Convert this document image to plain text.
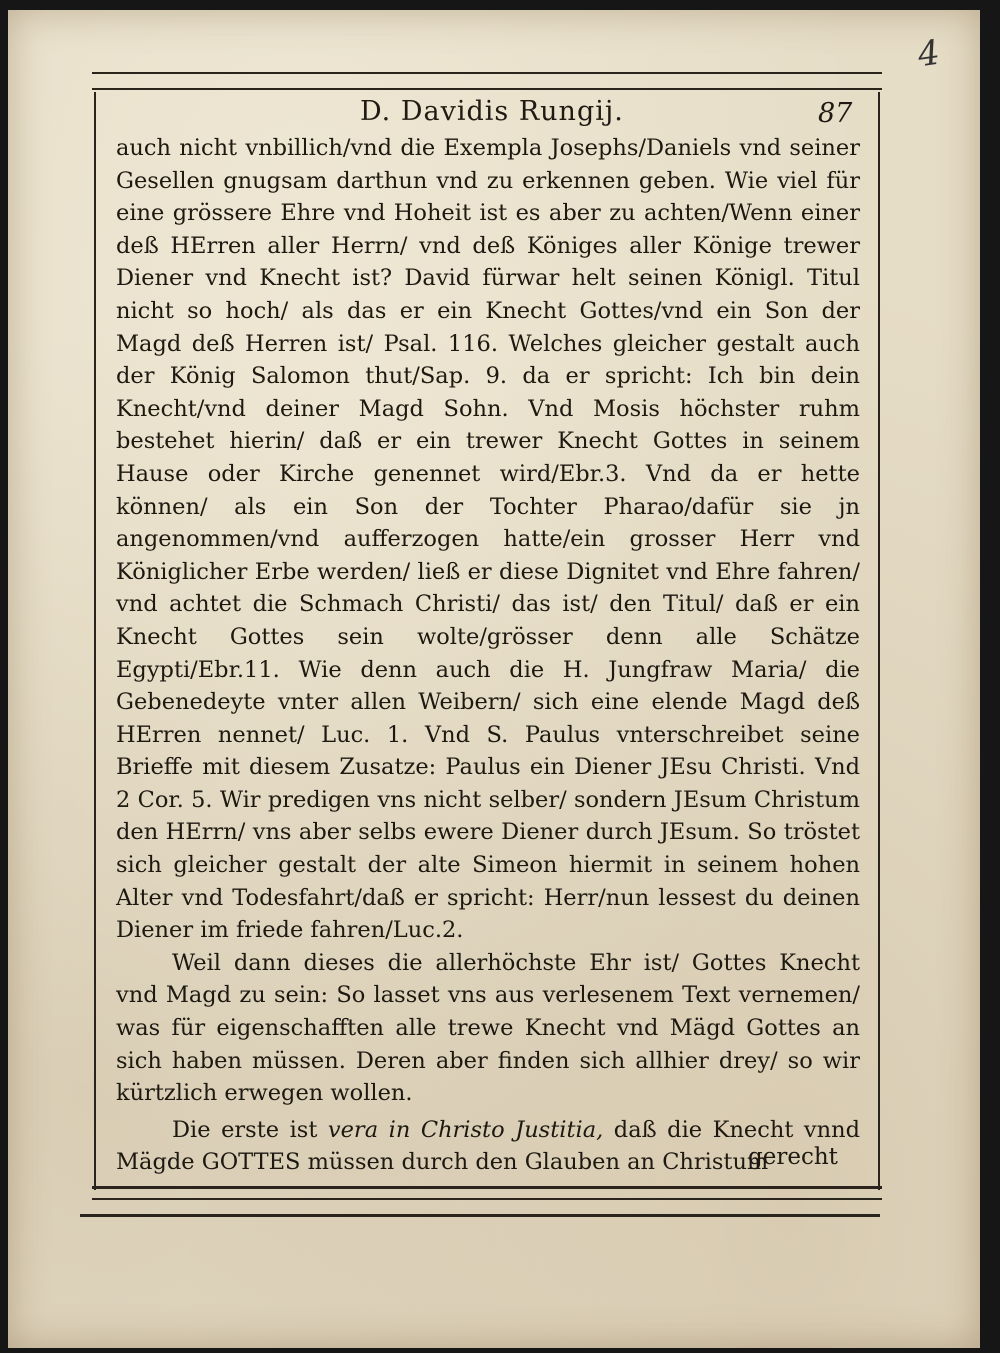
4
D. Davidis Rungij.	87

auch nicht vnbillich/vnd die Exempla Josephs/Daniels vnd seiner Gesellen gnugsam darthun vnd zu erkennen geben. Wie viel für eine grössere Ehre vnd Hoheit ist es aber zu achten/Wenn einer deß HErren aller Herrn/ vnd deß Königes aller Könige trewer Diener vnd Knecht ist? David fürwar helt seinen Königl. Titul nicht so hoch/ als das er ein Knecht Gottes/vnd ein Son der Magd deß Herren ist/ Psal. 116. Welches gleicher gestalt auch der König Salomon thut/Sap. 9. da er spricht: Ich bin dein Knecht/vnd deiner Magd Sohn. Vnd Mosis höchster ruhm bestehet hierin/ daß er ein trewer Knecht Gottes in seinem Hause oder Kirche genennet wird/Ebr.3. Vnd da er hette können/ als ein Son der Tochter Pharao/dafür sie jn angenommen/vnd aufferzogen hatte/ein grosser Herr vnd Königlicher Erbe werden/ ließ er diese Dignitet vnd Ehre fahren/ vnd achtet die Schmach Christi/ das ist/ den Titul/ daß er ein Knecht Gottes sein wolte/grösser denn alle Schätze Egypti/Ebr.11. Wie denn auch die H. Jungfraw Maria/ die Gebenedeyte vnter allen Weibern/ sich eine elende Magd deß HErren nennet/ Luc. 1. Vnd S. Paulus vnterschreibet seine Brieffe mit diesem Zusatze: Paulus ein Diener JEsu Christi. Vnd 2 Cor. 5. Wir predigen vns nicht selber/ sondern JEsum Christum den HErrn/ vns aber selbs ewere Diener durch JEsum. So tröstet sich gleicher gestalt der alte Simeon hiermit in seinem hohen Alter vnd Todesfahrt/daß er spricht: Herr/nun lessest du deinen Diener im friede fahren/Luc.2.

Weil dann dieses die allerhöchste Ehr ist/ Gottes Knecht vnd Magd zu sein: So lasset vns aus verlesenem Text vernemen/ was für eigenschafften alle trewe Knecht vnd Mägd Gottes an sich haben müssen. Deren aber finden sich allhier drey/ so wir kürtzlich erwegen wollen.

Die erste ist vera in Christo Justitia, daß die Knecht vnnd Mägde GOTTES müssen durch den Glauben an Christum

gerecht
